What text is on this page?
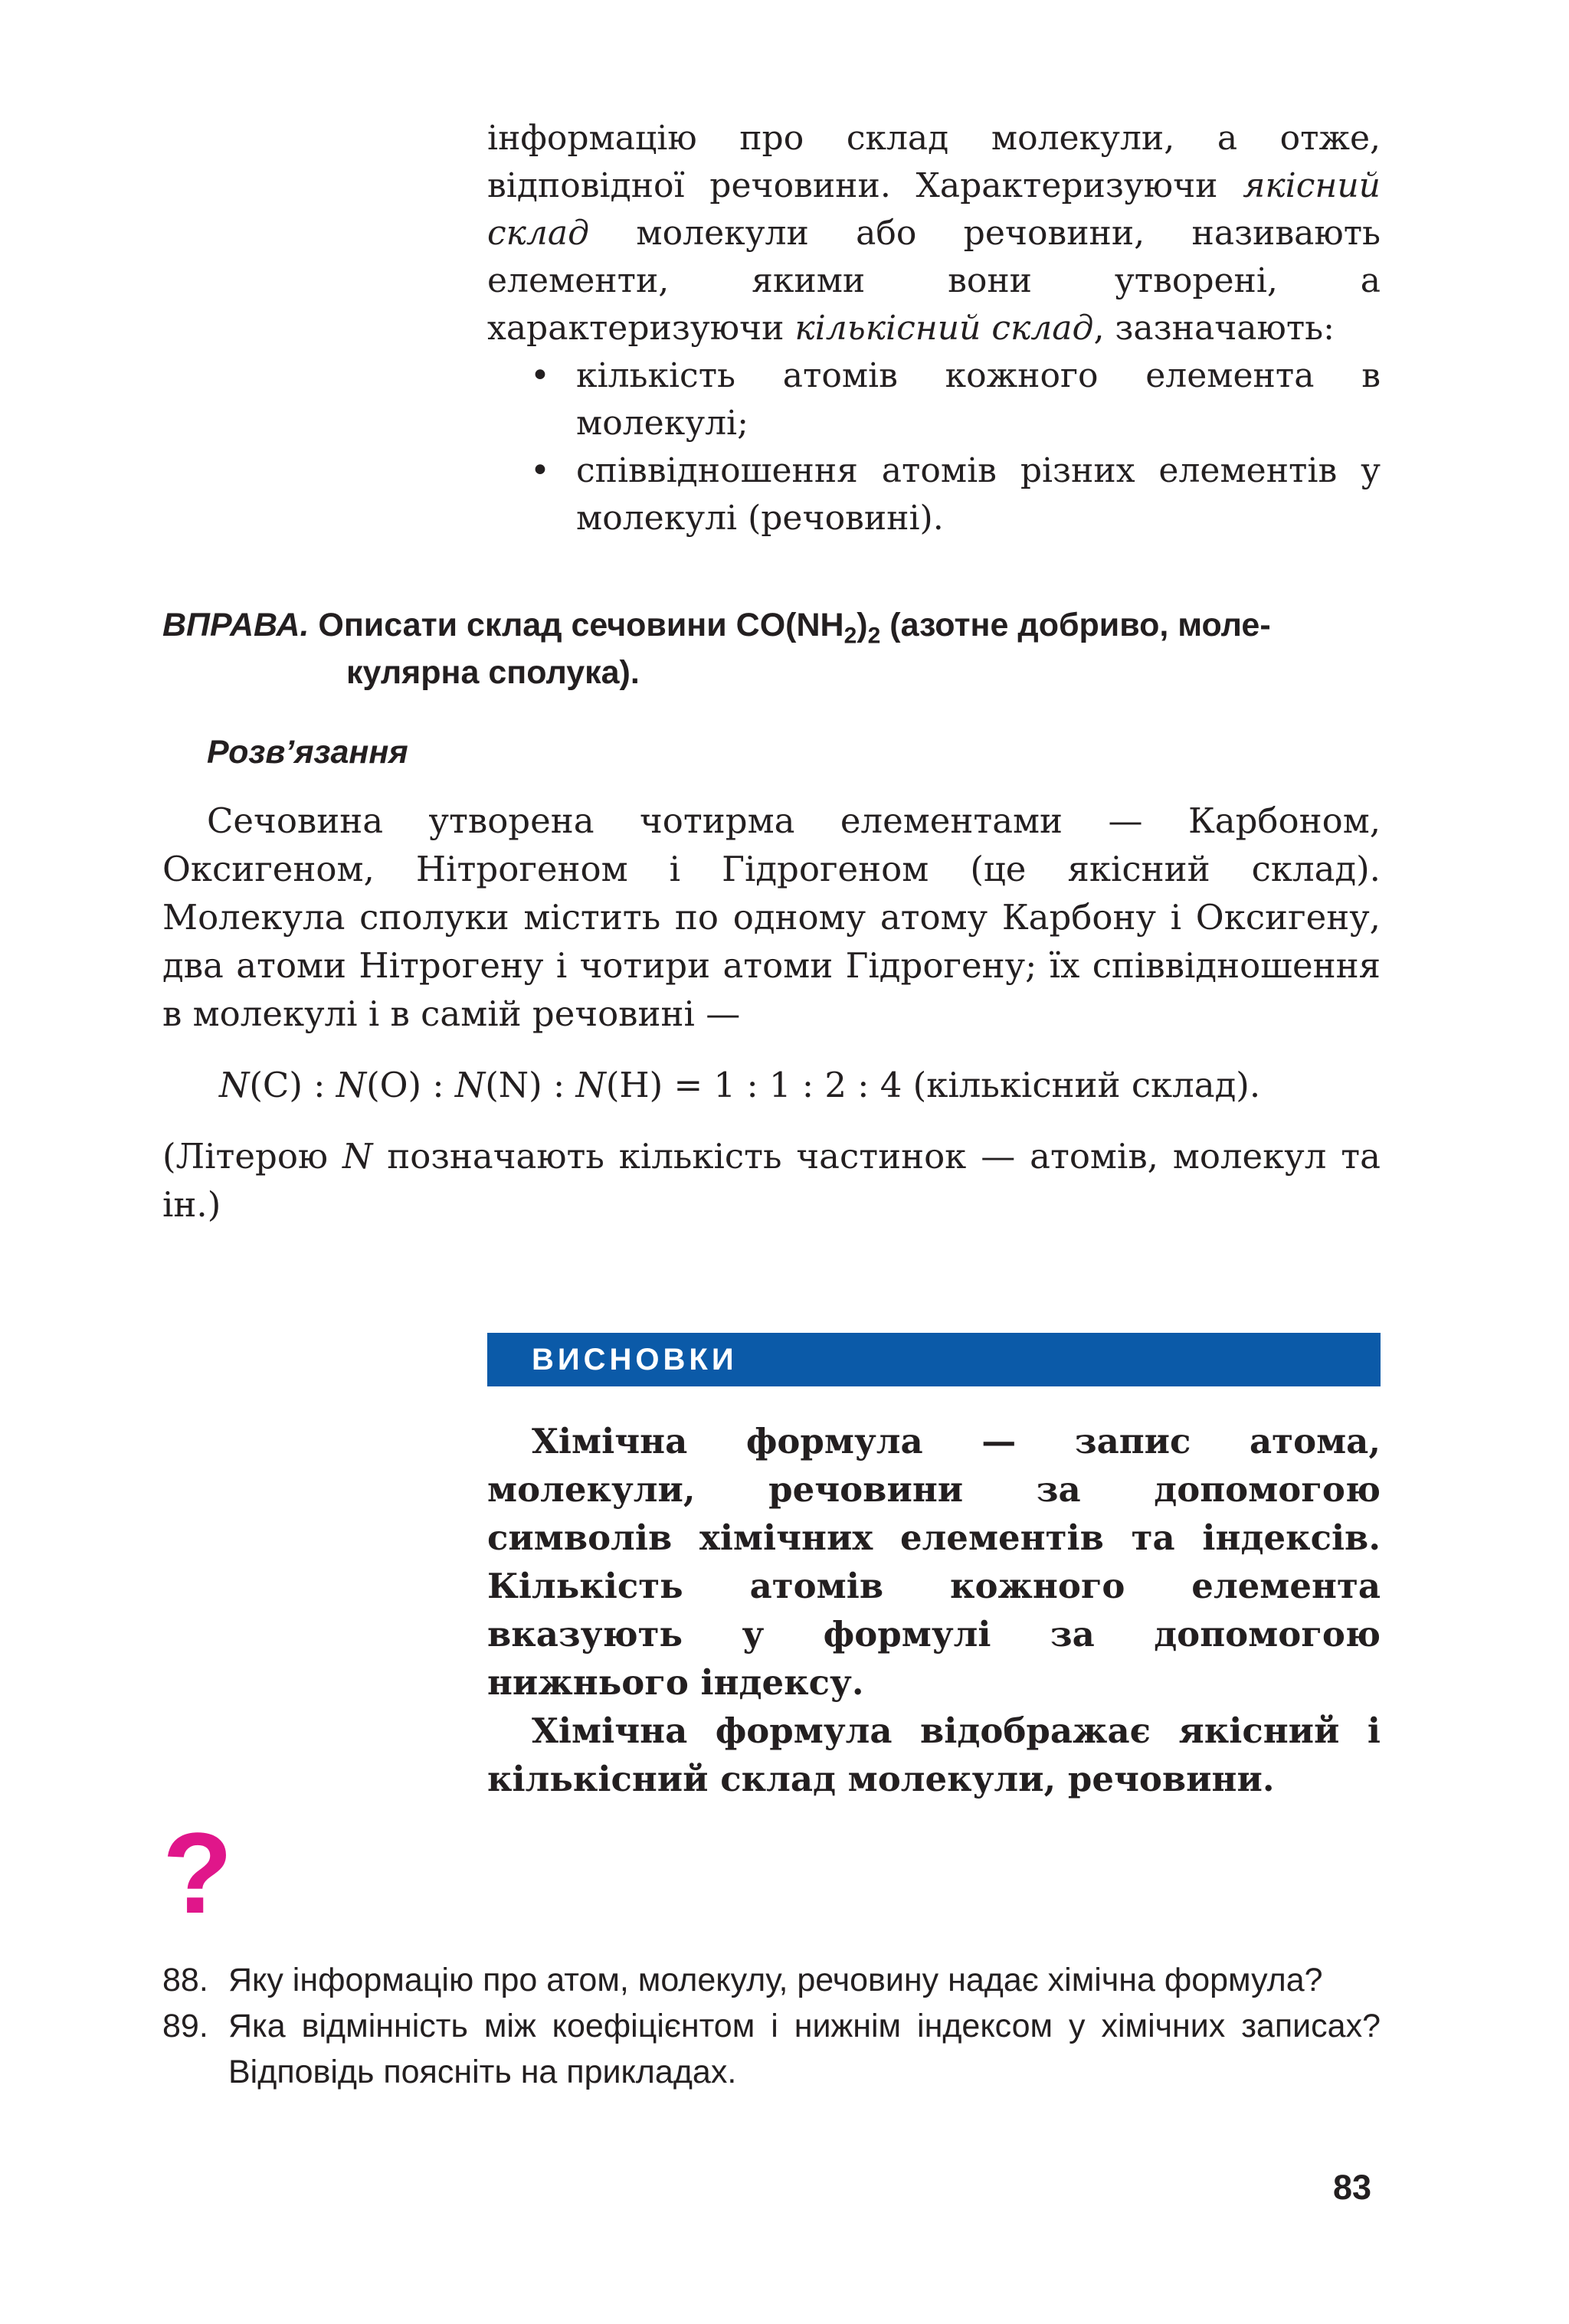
інформацію про склад молекули, а отже, відповідної речовини. Характеризуючи якісний склад молекули або речовини, називають елементи, якими вони утворені, а характеризуючи кількісний склад, зазначають:

• кількість атомів кожного елемента в молекулі;
• співвідношення атомів різних елементів у молекулі (речовині).
ВПРАВА. Описати склад сечовини $CO(NH_2)_2$ (азотне добриво, моле-
кулярна сполука).
Розв’язання

Сечовина утворена чотирма елементами — Карбоном, Оксигеном, Нітрогеном і Гідрогеном (це якісний склад). Молекула сполуки містить по одному атому Карбону і Оксигену, два атоми Нітрогену і чотири атоми Гідрогену; їх співвідношення в молекулі і в самій речовині —

N(C) : N(O) : N(N) : N(H) = 1 : 1 : 2 : 4 (кількісний склад).
(Літерою N позначають кількість частинок — атомів, молекул та ін.)
ВИСНОВКИ

Хімічна формула — запис атома, молекули, речовини за допомогою символів хімічних елементів та індексів. Кількість атомів кожного елемента вказують у формулі за допомогою нижнього індексу.

Хімічна формула відображає якісний і кількісний склад молекули, речовини.

?
88. Яку інформацію про атом, молекулу, речовину надає хімічна формула?
89. Яка відмінність між коефіцієнтом і нижнім індексом у хімічних записах? Відповідь поясніть на прикладах.
83
